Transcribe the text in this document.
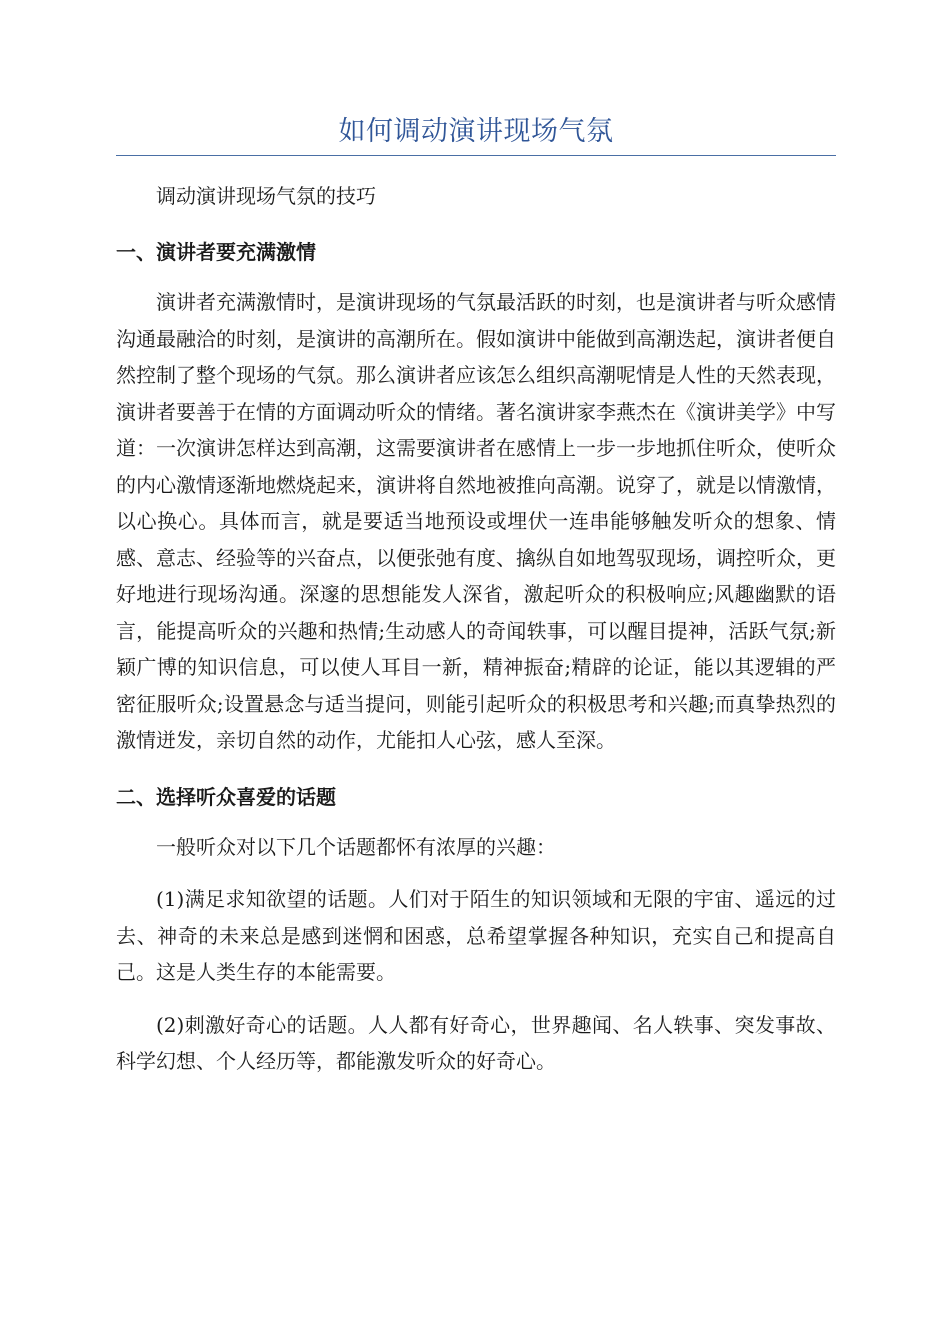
如何调动演讲现场气氛

调动演讲现场气氛的技巧

一、演讲者要充满激情

演讲者充满激情时，是演讲现场的气氛最活跃的时刻，也是演讲者与听众感情沟通最融洽的时刻，是演讲的高潮所在。假如演讲中能做到高潮迭起，演讲者便自然控制了整个现场的气氛。那么演讲者应该怎么组织高潮呢情是人性的天然表现，演讲者要善于在情的方面调动听众的情绪。著名演讲家李燕杰在《演讲美学》中写道：一次演讲怎样达到高潮，这需要演讲者在感情上一步一步地抓住听众，使听众的内心激情逐渐地燃烧起来，演讲将自然地被推向高潮。说穿了，就是以情激情，以心换心。具体而言，就是要适当地预设或埋伏一连串能够触发听众的想象、情感、意志、经验等的兴奋点，以便张弛有度、擒纵自如地驾驭现场，调控听众，更好地进行现场沟通。深邃的思想能发人深省，激起听众的积极响应;风趣幽默的语言，能提高听众的兴趣和热情;生动感人的奇闻轶事，可以醒目提神，活跃气氛;新颖广博的知识信息，可以使人耳目一新，精神振奋;精辟的论证，能以其逻辑的严密征服听众;设置悬念与适当提问，则能引起听众的积极思考和兴趣;而真挚热烈的激情迸发，亲切自然的动作，尤能扣人心弦，感人至深。

二、选择听众喜爱的话题

一般听众对以下几个话题都怀有浓厚的兴趣：

(1)满足求知欲望的话题。人们对于陌生的知识领域和无限的宇宙、遥远的过去、神奇的未来总是感到迷惘和困惑，总希望掌握各种知识，充实自己和提高自己。这是人类生存的本能需要。

(2)刺激好奇心的话题。人人都有好奇心，世界趣闻、名人轶事、突发事故、科学幻想、个人经历等，都能激发听众的好奇心。
